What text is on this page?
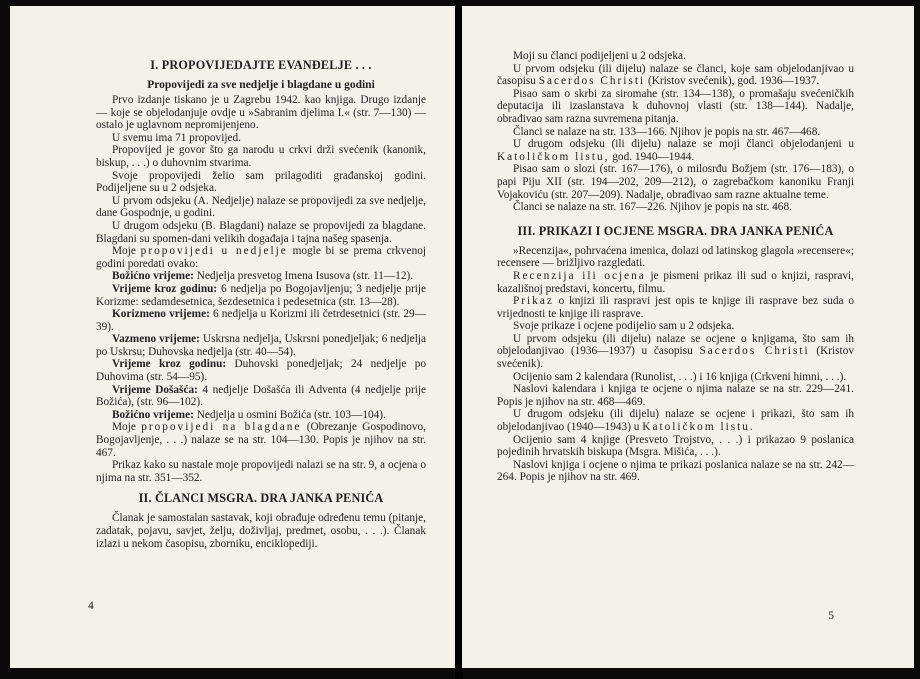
I. PROPOVIJEDAJTE EVANĐELJE . . .

Propovijedi za sve nedjelje i blagdane u godini

Prvo izdanje tiskano je u Zagrebu 1942. kao knjiga. Drugo izdanje — koje se objelodanjuje ovdje u »Sabranim djelima I.« (str. 7—130) — ostalo je uglavnom nepromijenjeno.

U svemu ima 71 propovijed.

Propovijed je govor što ga narodu u crkvi drži svećenik (kanonik, biskup, . . .) o duhovnim stvarima.

Svoje propovijedi želio sam prilagoditi građanskoj godini. Podijeljene su u 2 odsjeka.

U prvom odsjeku (A. Nedjelje) nalaze se propovijedi za sve nedjelje, dane Gospodnje, u godini.

U drugom odsjeku (B. Blagdani) nalaze se propovijedi za blagdane. Blagdani su spomen-dani velikih događaja i tajna našeg spasenja.

Moje propovijedi u nedjelje mogle bi se prema crkvenoj godini poredati ovako:

Božićno vrijeme: Nedjelja presvetog Imena Isusova (str. 11—12).

Vrijeme kroz godinu: 6 nedjelja po Bogojavljenju; 3 nedjelje prije Korizme: sedamdesetnica, šezdesetnica i pedesetnica (str. 13—28).

Korizmeno vrijeme: 6 nedjelja u Korizmi ili četrdesetnici (str. 29—39).

Vazmeno vrijeme: Uskrsna nedjelja, Uskrsni ponedjeljak; 6 nedjelja po Uskrsu; Duhovska nedjelja (str. 40—54).

Vrijeme kroz godinu: Duhovski ponedjeljak; 24 nedjelje po Duhovima (str. 54—95).

Vrijeme Došašća: 4 nedjelje Došašća ili Adventa (4 nedjelje prije Božića), (str. 96—102).

Božićno vrijeme: Nedjelja u osmini Božića (str. 103—104).

Moje propovijedi na blagdane (Obrezanje Gospodinovo, Bogojavljenje, . . .) nalaze se na str. 104—130. Popis je njihov na str. 467.

Prikaz kako su nastale moje propovijedi nalazi se na str. 9, a ocjena o njima na str. 351—352.

II. ČLANCI MSGRA. DRA JANKA PENIĆA

Članak je samostalan sastavak, koji obrađuje određenu temu (pitanje, zadatak, pojavu, savjet, želju, doživljaj, predmet, osobu, . . .). Članak izlazi u nekom časopisu, zborniku, enciklopediji.

4

Moji su članci podijeljeni u 2 odsjeka.

U prvom odsjeku (ili dijelu) nalaze se članci, koje sam objelodanjivao u časopisu Sacerdos Christi (Kristov svećenik), god. 1936—1937.

Pisao sam o skrbi za siromahe (str. 134—138), o promašaju svećeničkih deputacija ili izaslanstava k duhovnoj vlasti (str. 138—144). Nadalje, obrađivao sam razna suvremena pitanja.

Članci se nalaze na str. 133—166. Njihov je popis na str. 467—468.

U drugom odsjeku (ili dijelu) nalaze se moji članci objelodanjeni u Katoličkom listu, god. 1940—1944.

Pisao sam o slozi (str. 167—176), o milosrđu Božjem (str. 176—183), o papi Piju XII (str. 194—202, 209—212), o zagrebačkom kanoniku Franji Vojakoviću (str. 207—209). Nadalje, obrađivao sam razne aktualne teme.

Članci se nalaze na str. 167—226. Njihov je popis na str. 468.

III. PRIKAZI I OCJENE MSGRA. DRA JANKA PENIĆA

»Recenzija«, pohrvaćena imenica, dolazi od latinskog glagola »recensere«; recensere — brižljivo razgledati.

Recenzija ili ocjena je pismeni prikaz ili sud o knjizi, raspravi, kazališnoj predstavi, koncertu, filmu.

Prikaz o knjizi ili raspravi jest opis te knjige ili rasprave bez suda o vrijednosti te knjige ili rasprave.

Svoje prikaze i ocjene podijelio sam u 2 odsjeka.

U prvom odsjeku (ili dijelu) nalaze se ocjene o knjigama, što sam ih objelodanjivao (1936—1937) u časopisu Sacerdos Christi (Kristov svećenik).

Ocijenio sam 2 kalendara (Runolist, . . .) i 16 knjiga (Crkveni himni, . . .).

Naslovi kalendara i knjiga te ocjene o njima nalaze se na str. 229—241. Popis je njihov na str. 468—469.

U drugom odsjeku (ili dijelu) nalaze se ocjene i prikazi, što sam ih objelodanjivao (1940—1943) u Katoličkom listu.

Ocijenio sam 4 knjige (Presveto Trojstvo, . . .) i prikazao 9 poslanica pojedinih hrvatskih biskupa (Msgra. Mišića, . . .).

Naslovi knjiga i ocjene o njima te prikazi poslanica nalaze se na str. 242—264. Popis je njihov na str. 469.

5
